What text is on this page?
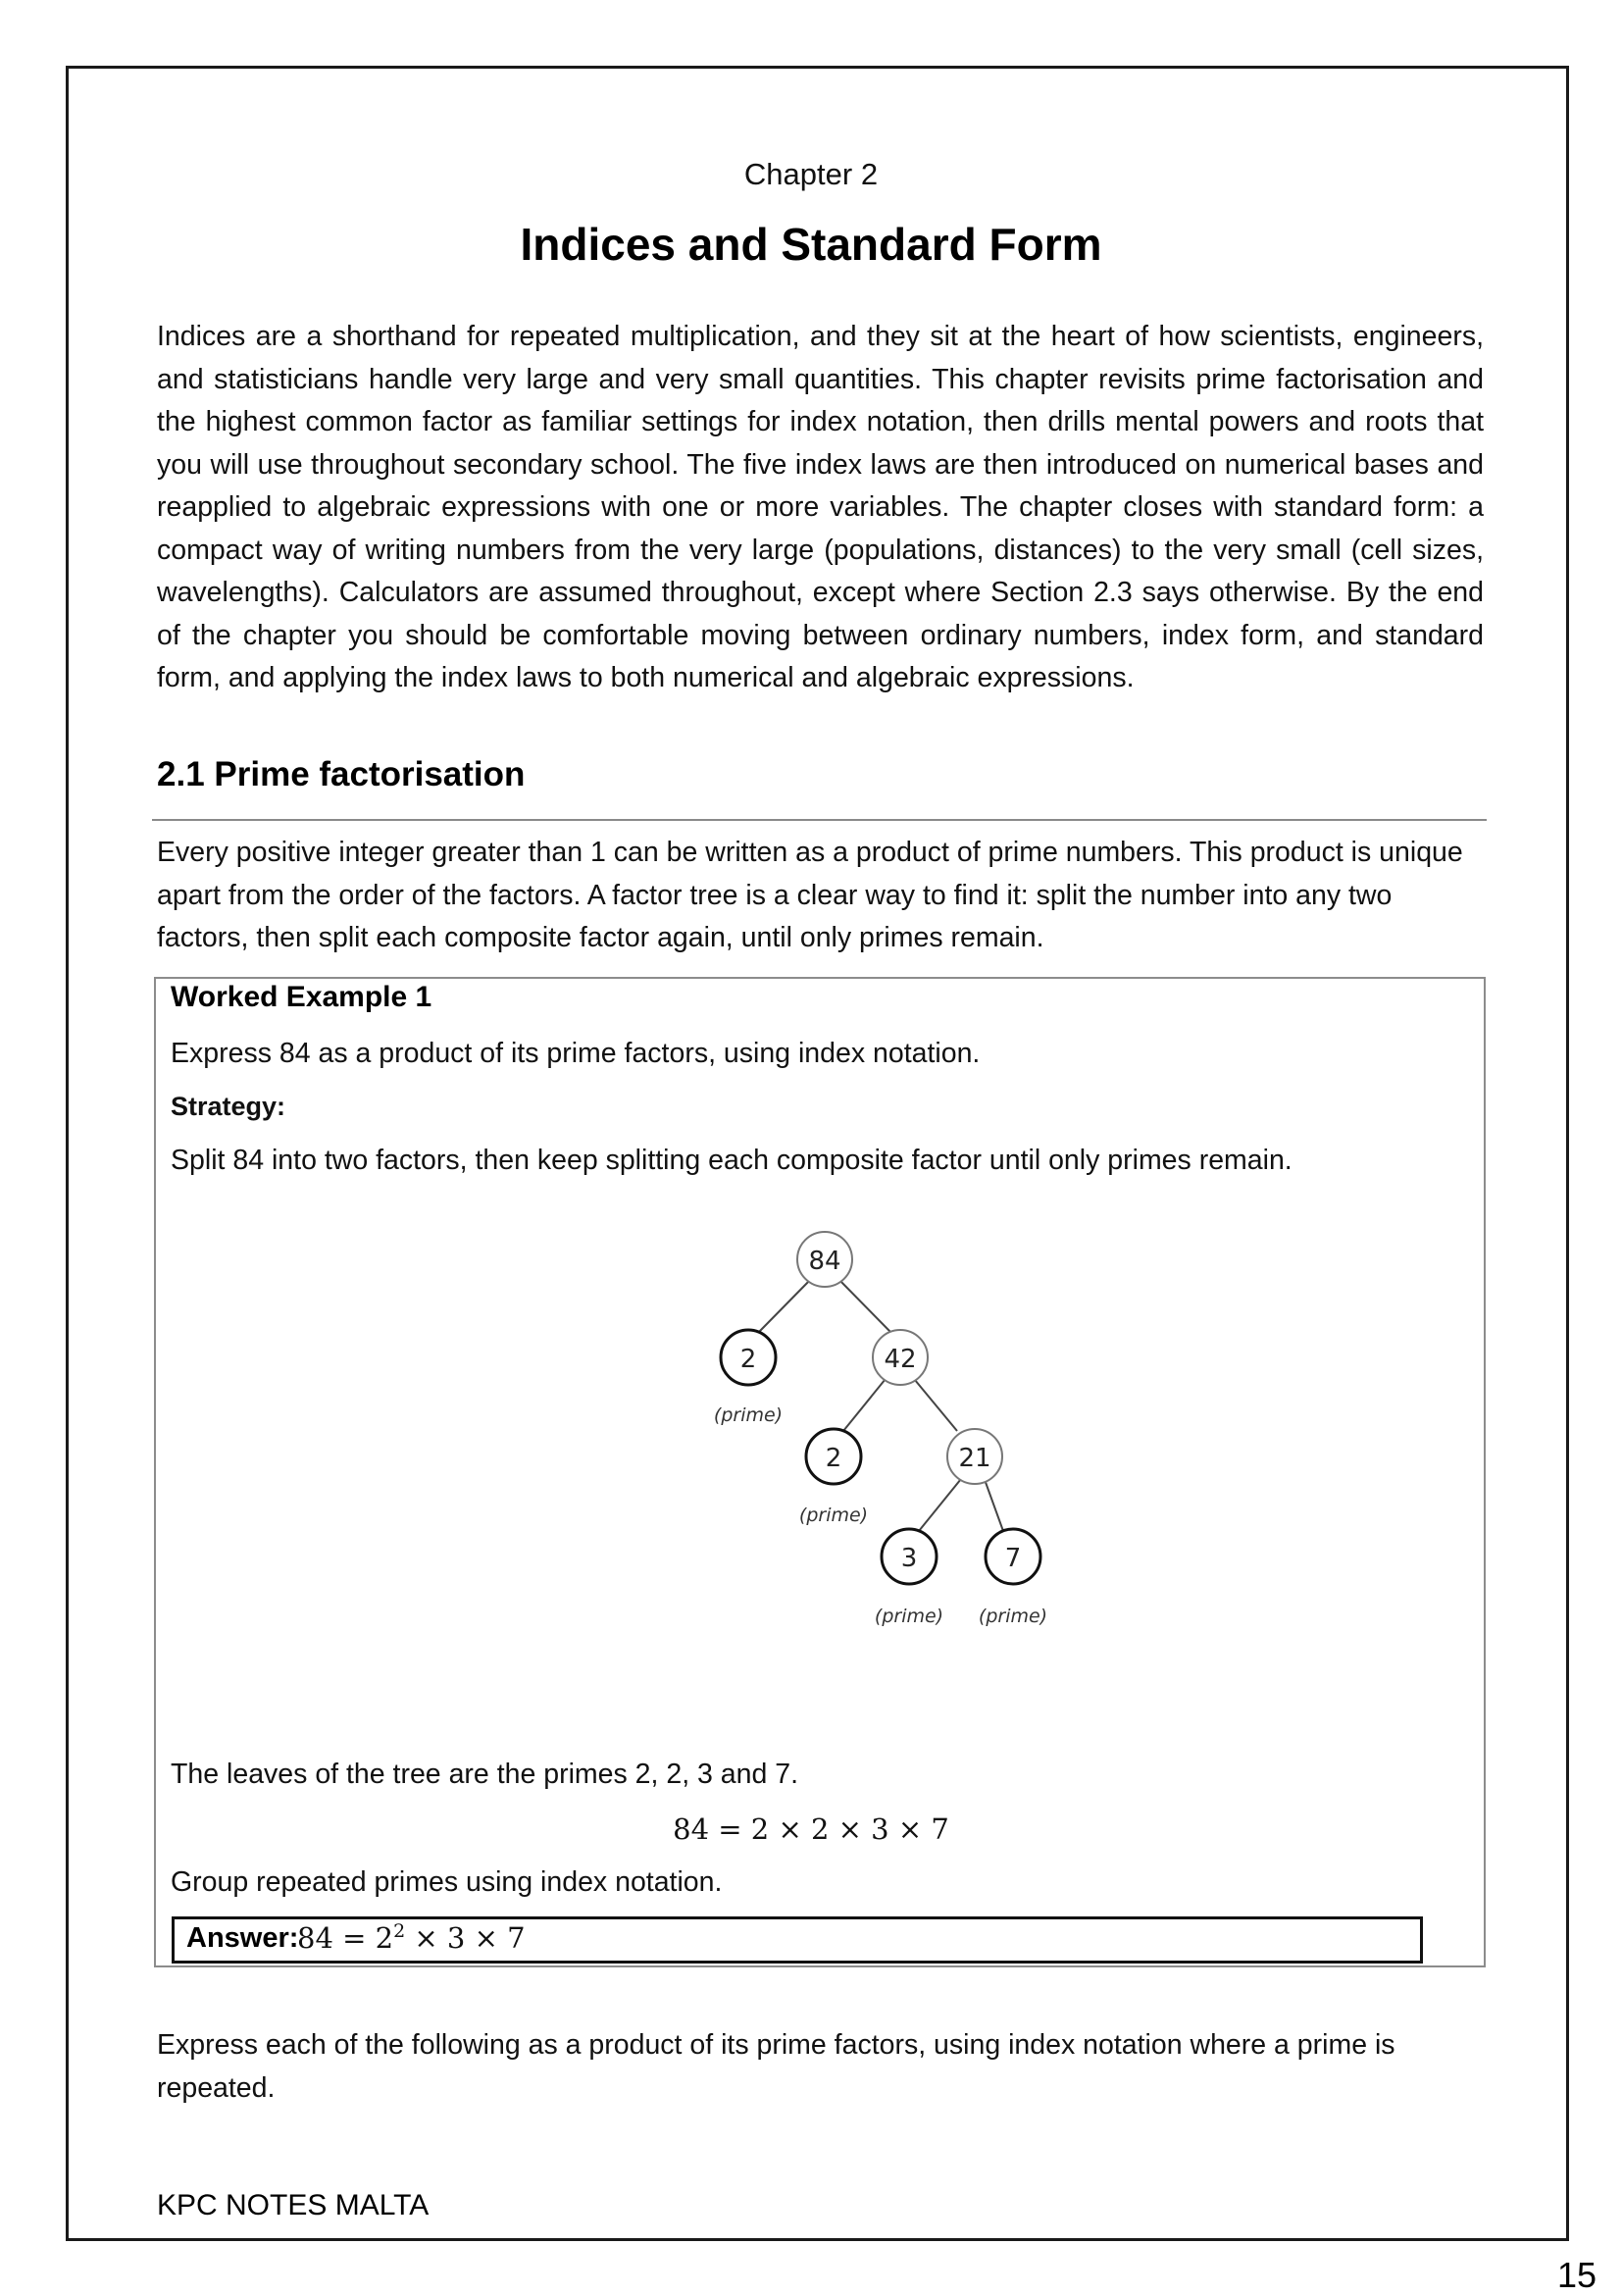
Chapter 2
Indices and Standard Form

Indices are a shorthand for repeated multiplication, and they sit at the heart of how scientists, engineers, and statisticians handle very large and very small quantities. This chapter revisits prime factorisation and the highest common factor as familiar settings for index notation, then drills mental powers and roots that you will use throughout secondary school. The five index laws are then introduced on numerical bases and reapplied to algebraic expressions with one or more variables. The chapter closes with standard form: a compact way of writing numbers from the very large (populations, distances) to the very small (cell sizes, wavelengths). Calculators are assumed throughout, except where Section 2.3 says otherwise. By the end of the chapter you should be comfortable moving between ordinary numbers, index form, and standard form, and applying the index laws to both numerical and algebraic expressions.

2.1 Prime factorisation

Every positive integer greater than 1 can be written as a product of prime numbers. This product is unique apart from the order of the factors. A factor tree is a clear way to find it: split the number into any two factors, then split each composite factor again, until only primes remain.

Worked Example 1
Express 84 as a product of its prime factors, using index notation.
Strategy:
Split 84 into two factors, then keep splitting each composite factor until only primes remain.
84
2
(prime)
42
2
(prime)
21
3
(prime)
7
(prime)
The leaves of the tree are the primes 2, 2, 3 and 7.
84 = 2 × 2 × 3 × 7
Group repeated primes using index notation.
Answer:
$84 = 2^2 \times 3 \times 7$

Express each of the following as a product of its prime factors, using index notation where a prime is repeated.

KPC NOTES MALTA
15
